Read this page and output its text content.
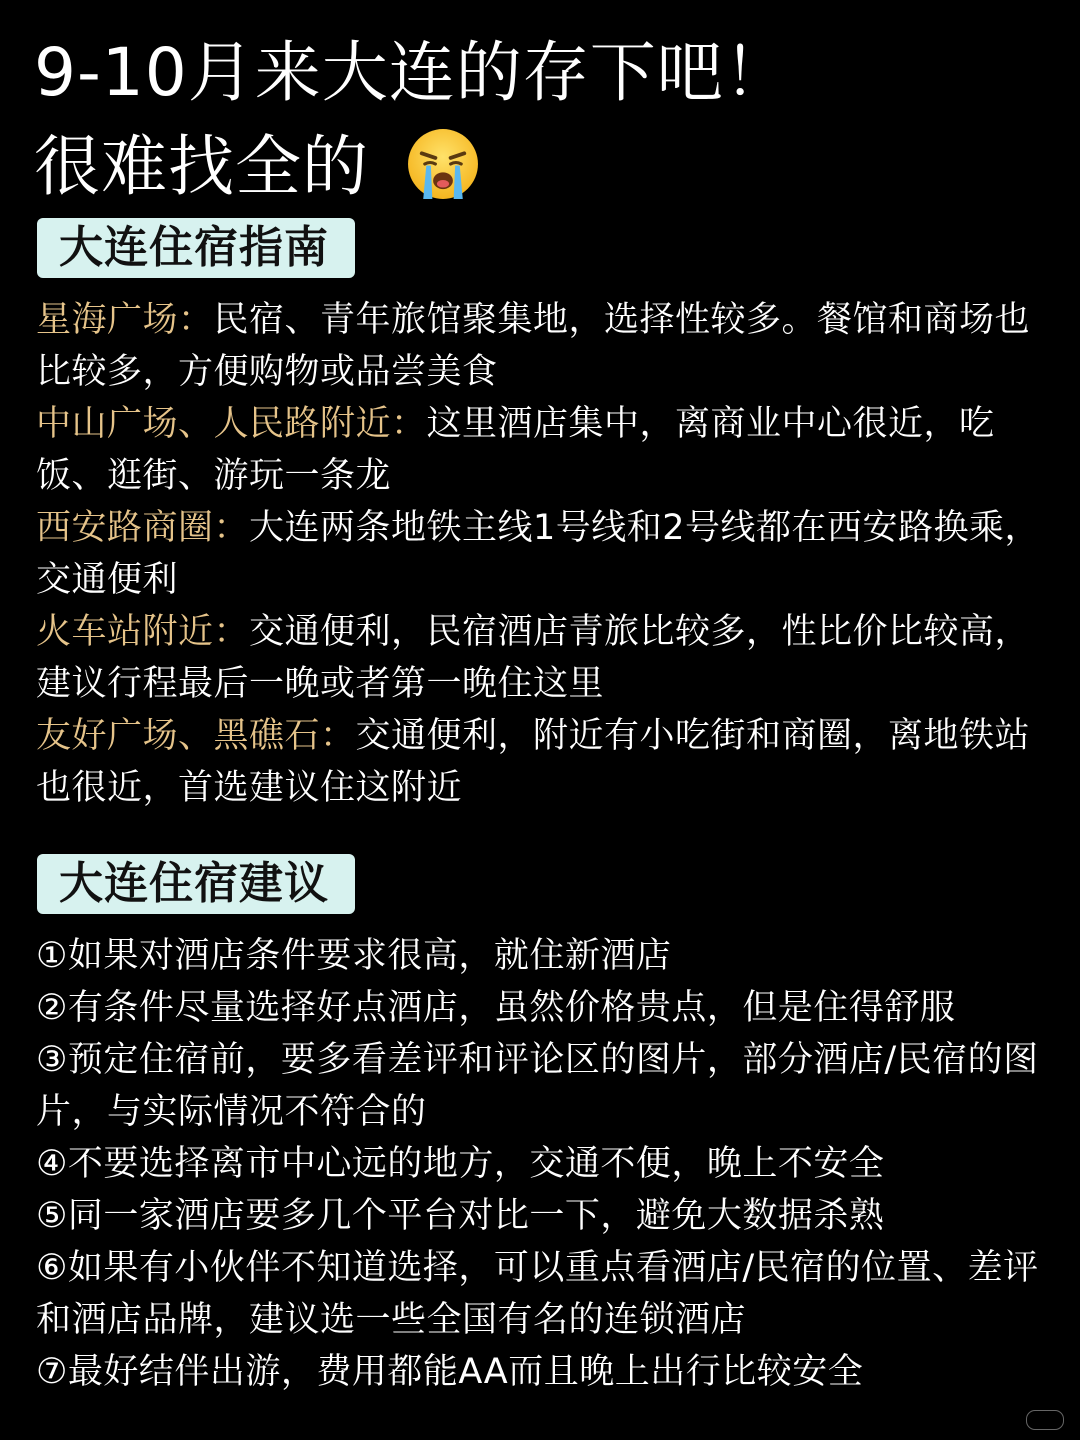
9-10月来大连的存下吧！
很难找全的
大连住宿指南
星海广场：民宿、青年旅馆聚集地，选择性较多。餐馆和商场也比较多，方便购物或品尝美食
中山广场、人民路附近：这里酒店集中，离商业中心很近，吃饭、逛街、游玩一条龙
西安路商圈：大连两条地铁主线1号线和2号线都在西安路换乘，交通便利
火车站附近：交通便利，民宿酒店青旅比较多，性比价比较高，建议行程最后一晚或者第一晚住这里
友好广场、黑礁石：交通便利，附近有小吃街和商圈，离地铁站也很近，首选建议住这附近
大连住宿建议
①如果对酒店条件要求很高，就住新酒店
②有条件尽量选择好点酒店，虽然价格贵点，但是住得舒服
③预定住宿前，要多看差评和评论区的图片，部分酒店/民宿的图片，与实际情况不符合的
④不要选择离市中心远的地方，交通不便，晚上不安全
⑤同一家酒店要多几个平台对比一下，避免大数据杀熟
⑥如果有小伙伴不知道选择，可以重点看酒店/民宿的位置、差评和酒店品牌，建议选一些全国有名的连锁酒店
⑦最好结伴出游，费用都能AA而且晚上出行比较安全
